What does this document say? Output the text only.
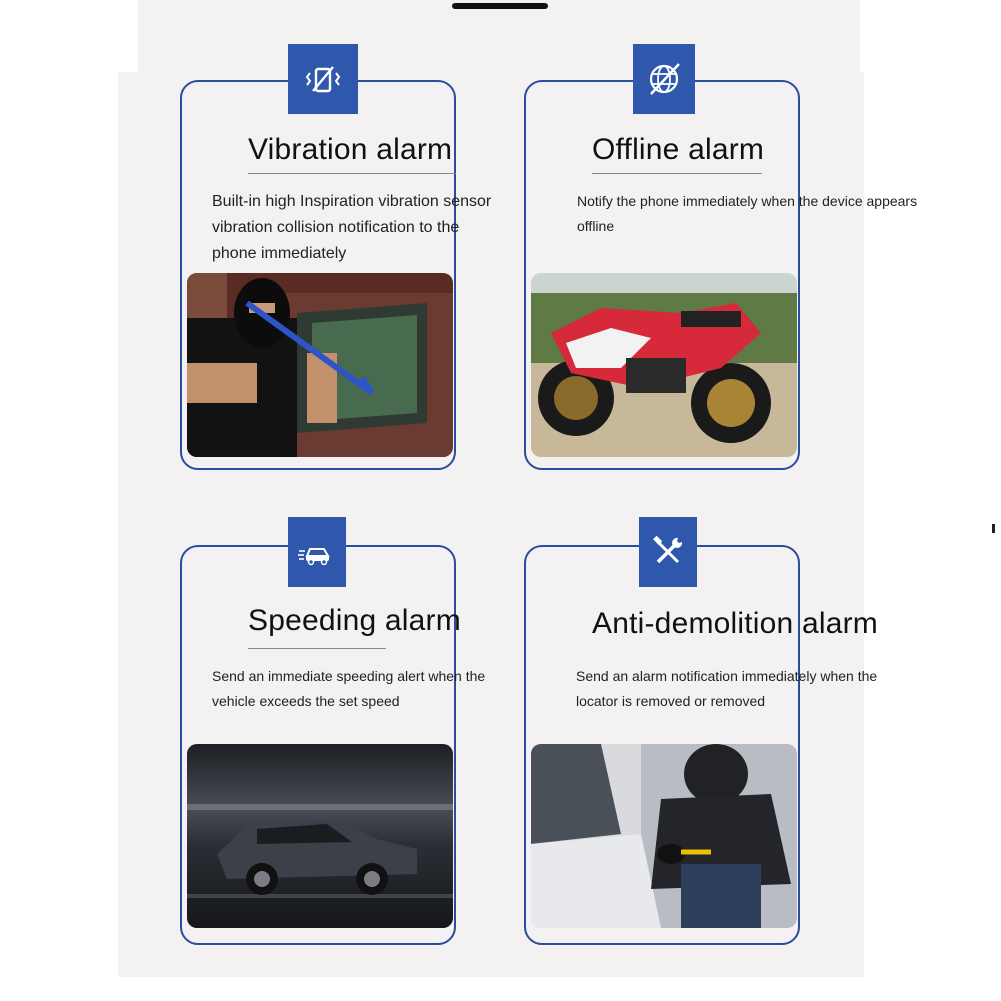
Vibration alarm
Built-in high Inspiration vibration sensor
vibration collision notification to the
phone immediately
Offline alarm
Notify the phone immediately when the device appears
offline
Speeding alarm
Send an immediate speeding alert when the
vehicle exceeds the set speed
Anti-demolition alarm
Send an alarm notification immediately when the
locator is removed or removed
